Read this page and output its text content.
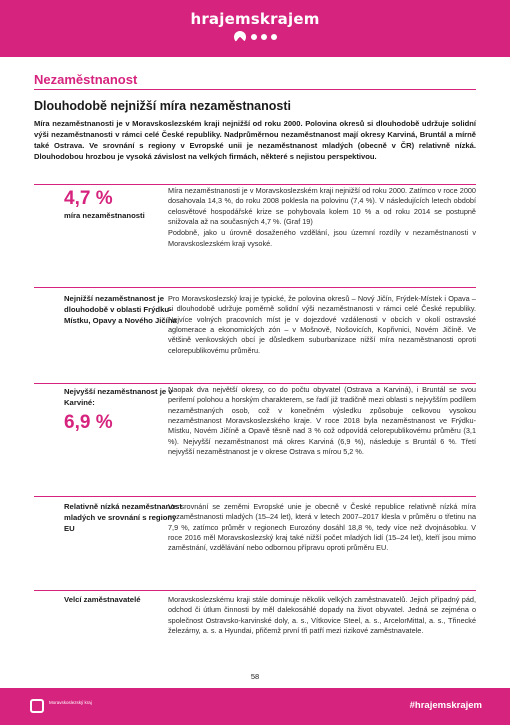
hrajemskrajem
Nezaměstnanost
Dlouhodobě nejnižší míra nezaměstnanosti
Míra nezaměstnanosti je v Moravskoslezském kraji nejnižší od roku 2000. Polovina okresů si dlouhodobě udržuje solidní výši nezaměstnanosti v rámci celé České republiky. Nadprůměrnou nezaměstnanost mají okresy Karviná, Bruntál a mírně také Ostrava. Ve srovnání s regiony v Evropské unii je nezaměstnanost mladých (obecně v ČR) relativně nízká. Dlouhodobou hrozbou je vysoká závislost na velkých firmách, některé s nejistou perspektivou.
4,7 %
míra nezaměstnanosti

Míra nezaměstnanosti je v Moravskoslezském kraji nejnižší od roku 2000. Zatímco v roce 2000 dosahovala 14,3 %, do roku 2008 poklesla na polovinu (7,4 %). V následujících letech období celosvětové hospodářské krize se pohybovala kolem 10 % a od roku 2014 se postupně snižovala až na současných 4,7 %. (Graf 19)

Podobně, jako u úrovně dosaženého vzdělání, jsou územní rozdíly v nezaměstnanosti v Moravskoslezském kraji vysoké.

Nejnižší nezaměstnanost je dlouhodobě v oblasti Frýdku-Místku, Opavy a Nového Jičína

Pro Moravskoslezský kraj je typické, že polovina okresů – Nový Jičín, Frýdek-Místek i Opava – si dlouhodobě udržuje poměrně solidní výši nezaměstnanosti v rámci celé České republiky. Nejvíce volných pracovních míst je v dojezdové vzdálenosti v obcích v okolí ostravské aglomerace a ekonomických zón – v Mošnově, Nošovicích, Kopřivnici, Novém Jičíně. Ve většině venkovských obcí je důsledkem suburbanizace nižší míra nezaměstnanosti oproti celorepublikovému průměru.

Nejvyšší nezaměstnanost je v Karviné:
6,9 %

Naopak dva největší okresy, co do počtu obyvatel (Ostrava a Karviná), i Bruntál se svou periferní polohou a horským charakterem, se řadí již tradičně mezi oblasti s nejvyšším podílem nezaměstnaných osob, což v konečném výsledku způsobuje celkovou vysokou nezaměstnanost Moravskoslezského kraje. V roce 2018 byla nezaměstnanost ve Frýdku-Místku, Novém Jičíně a Opavě těsně nad 3 % což odpovídá celorepublikovému průměru (3,1 %). Nejvyšší nezaměstnanost má okres Karviná (6,9 %), následuje s Bruntál 6 %. Třetí nejvyšší nezaměstnanost je v okrese Ostrava s mírou 5,2 %.

Relativně nízká nezaměstnanost mladých ve srovnání s regiony EU

Ve srovnání se zeměmi Evropské unie je obecně v České republice relativně nízká míra nezaměstnanosti mladých (15–24 let), která v letech 2007–2017 klesla v průměru o třetinu na 7,9 %, zatímco průměr v regionech Eurozóny dosáhl 18,8 %, tedy více než dvojnásobku. V roce 2016 měl Moravskoslezský kraj také nižší počet mladých lidí (15–24 let), kteří jsou mimo zaměstnání, vzdělávání nebo odbornou přípravu oproti průměru EU.

Velcí zaměstnavatelé	Moravskoslezskému kraji stále dominuje několik velkých zaměstnavatelů. Jejich případný pád, odchod či útlum činnosti by měl dalekosáhlé dopady na život obyvatel. Jedná se zejména o společnost Ostravsko-karvinské doly, a. s., Vítkovice Steel, a. s., ArcelorMittal, a. s., Třinecké železárny, a. s. a Hyundai, přičemž první tři patří mezi rizikové zaměstnavatele.

58
Moravskoslezský kraj	#hrajemskrajem
